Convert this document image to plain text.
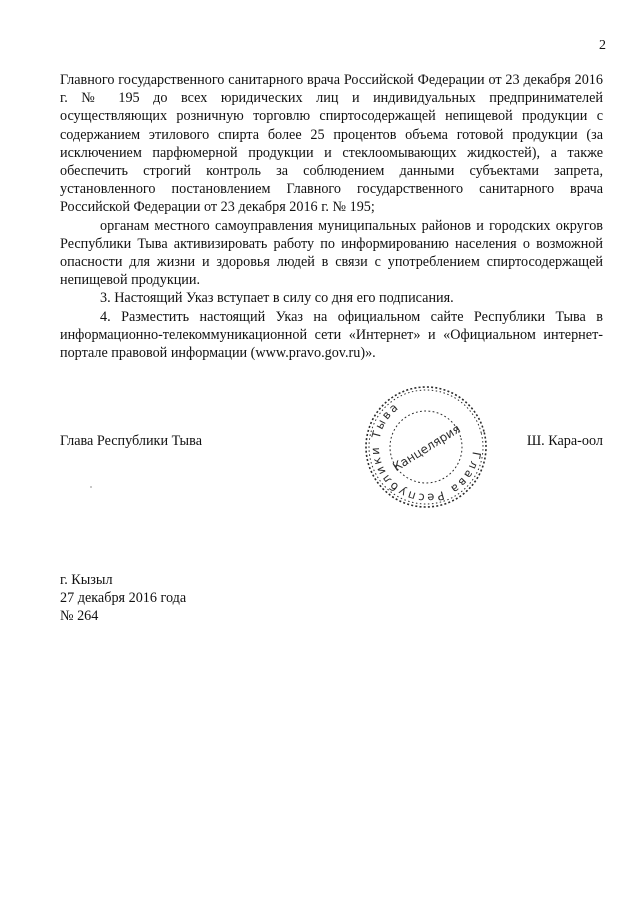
2

Главного государственного санитарного врача Российской Федерации от 23 декабря 2016 г. № 195 до всех юридических лиц и индивидуальных предпринимателей осуществляющих розничную торговлю спиртосодержащей непищевой продукции с содержанием этилового спирта более 25 процентов объема готовой продукции (за исключением парфюмерной продукции и стеклоомывающих жидкостей), а также обеспечить строгий контроль за соблюдением данными субъектами запрета, установленного постановлением Главного государственного санитарного врача Российской Федерации от 23 декабря 2016 г. № 195;

органам местного самоуправления муниципальных районов и городских округов Республики Тыва активизировать работу по информированию населения о возможной опасности для жизни и здоровья людей в связи с употреблением спиртосодержащей непищевой продукции.

3. Настоящий Указ вступает в силу со дня его подписания.

4. Разместить настоящий Указ на официальном сайте Республики Тыва в информационно-телекоммуникационной сети «Интернет» и «Официальном интернет-портале правовой информации (www.pravo.gov.ru)».

Глава Республики Тывa	Ш. Кара-оол
Глава Республики Тыва
Канцелярия
г. Кызыл
27 декабря 2016 года
№ 264
